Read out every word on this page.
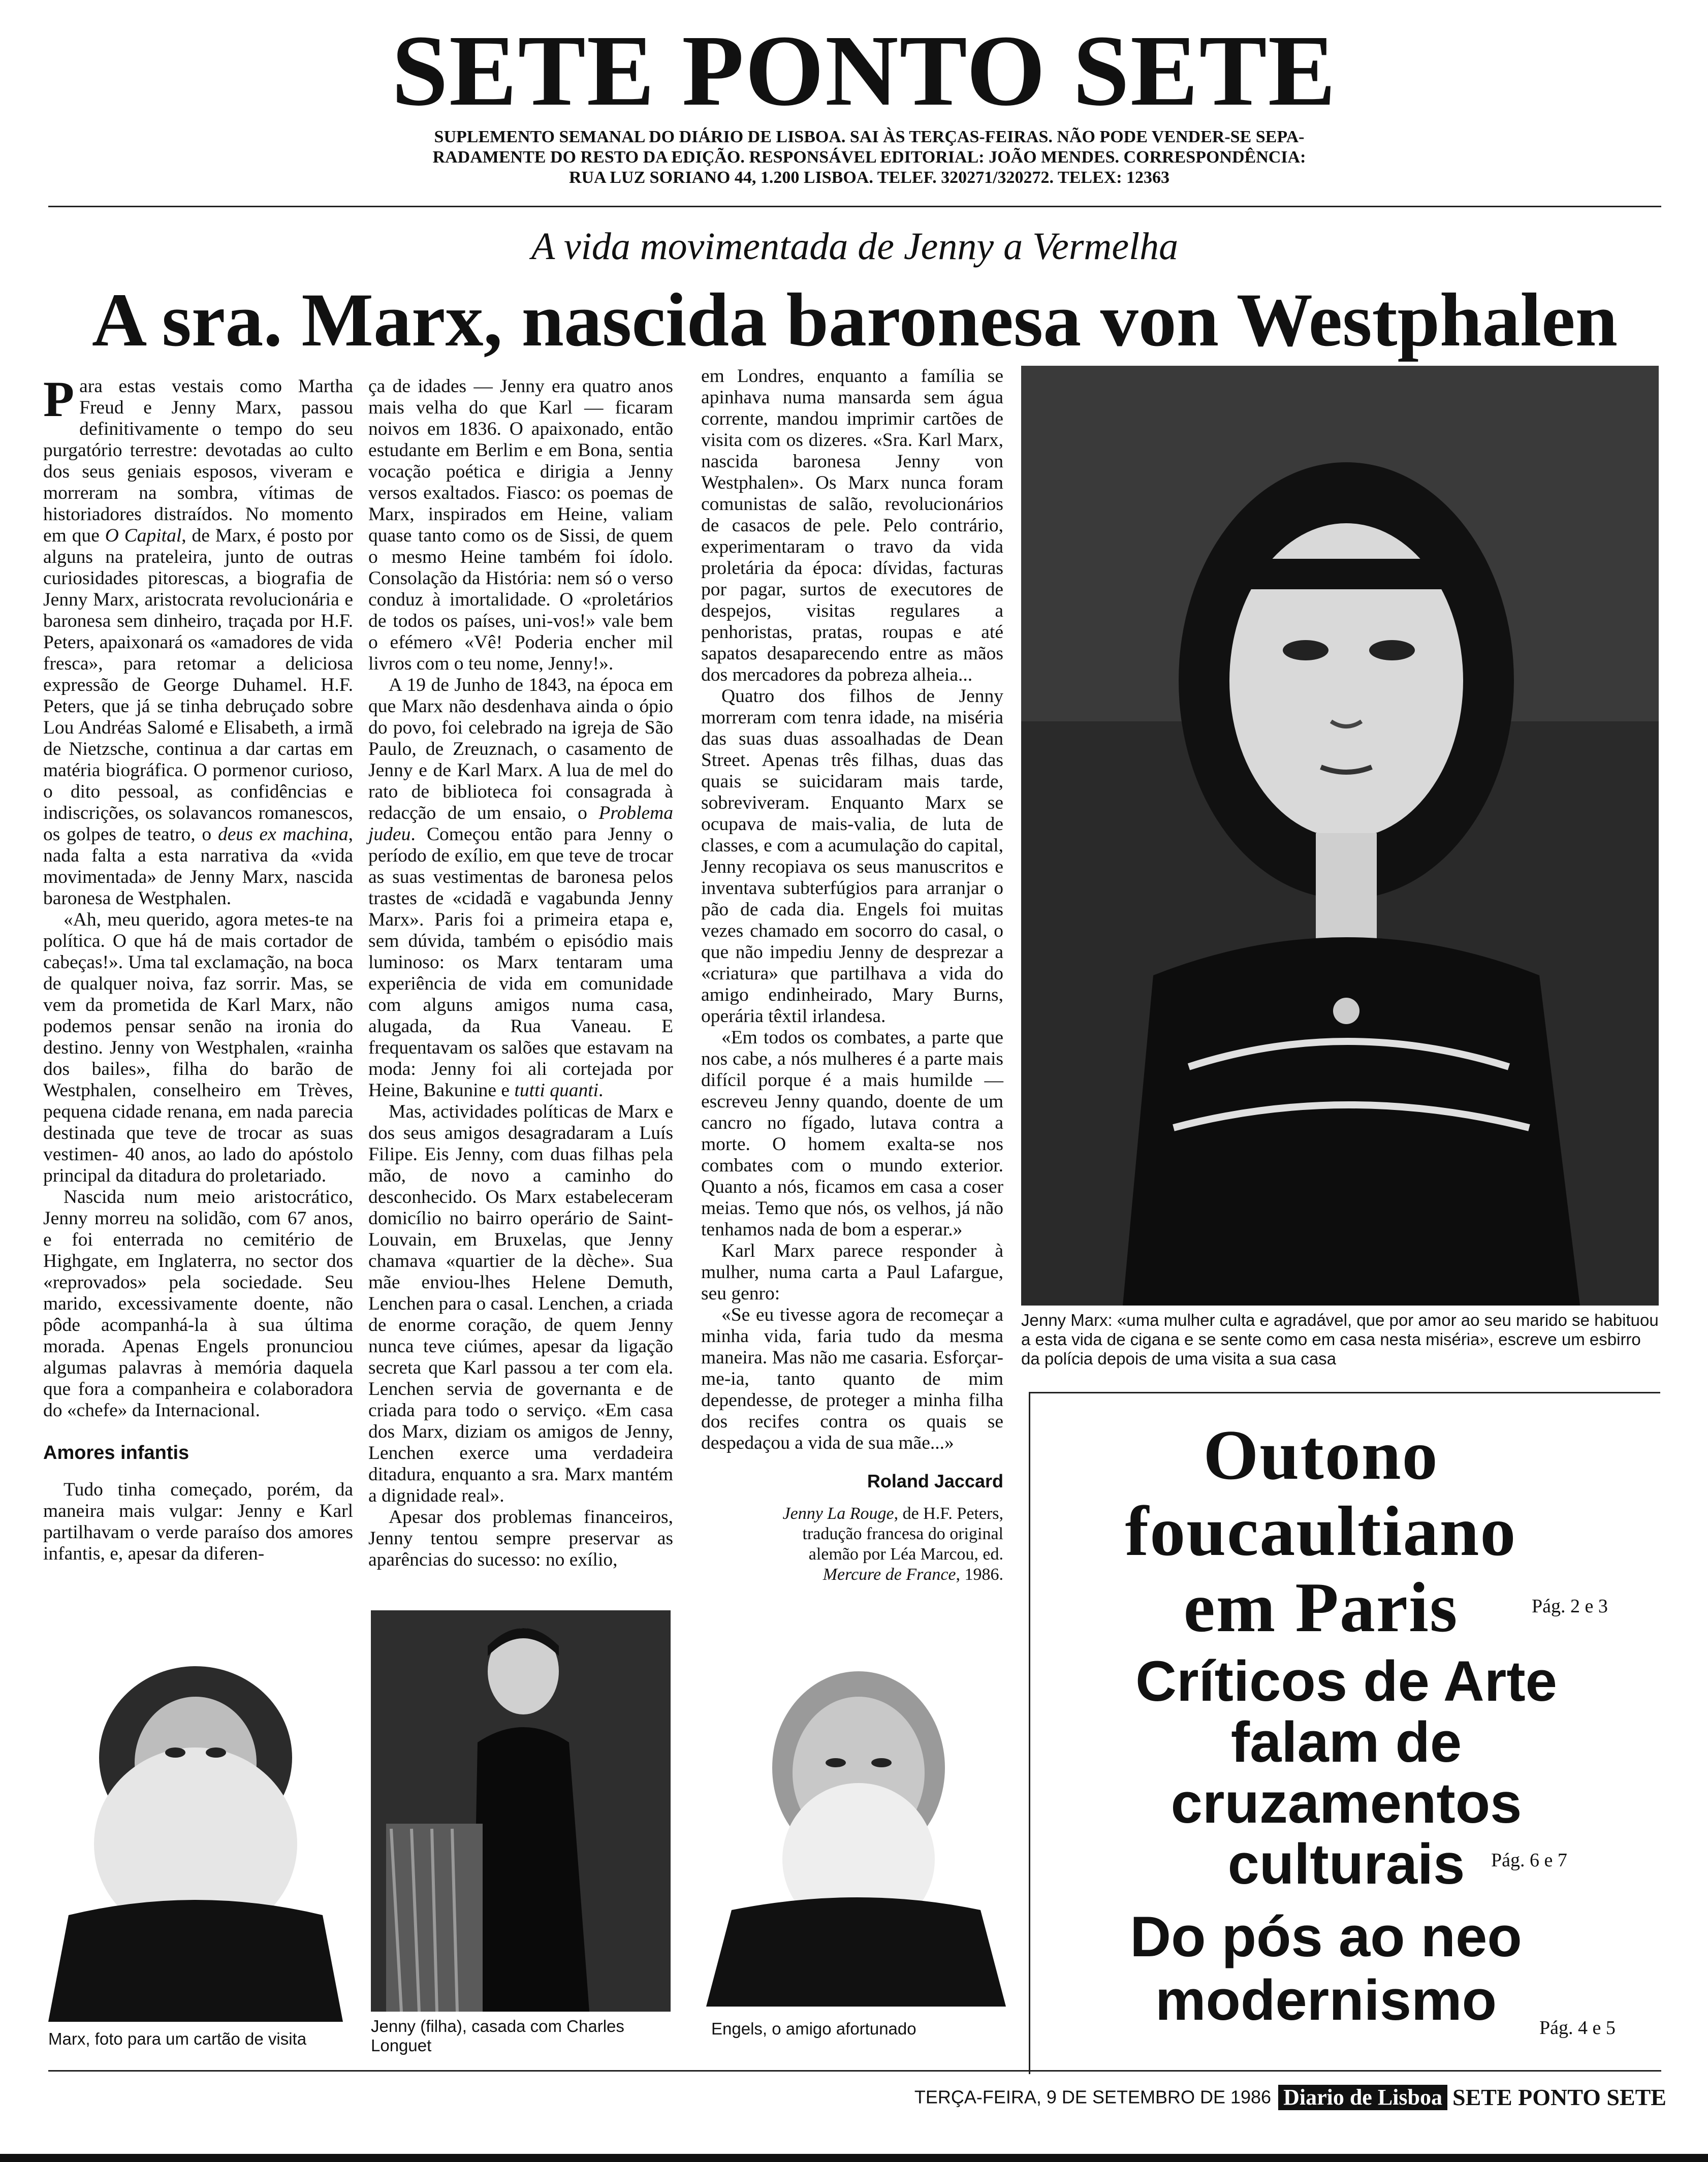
SETE PONTO SETE
SUPLEMENTO SEMANAL DO DIÁRIO DE LISBOA. SAI ÀS TERÇAS-FEIRAS. NÃO PODE VENDER-SE SEPA-
RADAMENTE DO RESTO DA EDIÇÃO. RESPONSÁVEL EDITORIAL: JOÃO MENDES. CORRESPONDÊNCIA:
RUA LUZ SORIANO 44, 1.200 LISBOA. TELEF. 320271/320272. TELEX: 12363
A vida movimentada de Jenny a Vermelha
A sra. Marx, nascida baronesa von Westphalen

Para estas vestais como Martha Freud e Jenny Marx, passou definitivamente o tempo do seu purgatório terrestre: devotadas ao culto dos seus geniais esposos, viveram e morreram na sombra, vítimas de historiadores distraídos. No momento em que O Capital, de Marx, é posto por alguns na prateleira, junto de outras curiosidades pitorescas, a biografia de Jenny Marx, aristocrata revolucionária e baronesa sem dinheiro, traçada por H.F. Peters, apaixonará os «amadores de vida fresca», para retomar a deliciosa expressão de George Duhamel. H.F. Peters, que já se tinha debruçado sobre Lou Andréas Salomé e Elisabeth, a irmã de Nietzsche, continua a dar cartas em matéria biográfica. O pormenor curioso, o dito pessoal, as confidências e indiscrições, os solavancos romanescos, os golpes de teatro, o deus ex machina, nada falta a esta narrativa da «vida movimentada» de Jenny Marx, nascida baronesa de Westphalen.

«Ah, meu querido, agora metes-te na política. O que há de mais cortador de cabeças!». Uma tal exclamação, na boca de qualquer noiva, faz sorrir. Mas, se vem da prometida de Karl Marx, não podemos pensar senão na ironia do destino. Jenny von Westphalen, «rainha dos bailes», filha do barão de Westphalen, conselheiro em Trèves, pequena cidade renana, em nada parecia destinada que teve de trocar as suas vestimen- 40 anos, ao lado do apóstolo principal da ditadura do proletariado.

Nascida num meio aristocrático, Jenny morreu na solidão, com 67 anos, e foi enterrada no cemitério de Highgate, em Inglaterra, no sector dos «reprovados» pela sociedade. Seu marido, excessivamente doente, não pôde acompanhá-la à sua última morada. Apenas Engels pronunciou algumas palavras à memória daquela que fora a companheira e colaboradora do «chefe» da Internacional.

Amores infantis

Tudo tinha começado, porém, da maneira mais vulgar: Jenny e Karl partilhavam o verde paraíso dos amores infantis, e, apesar da diferen-

ça de idades — Jenny era quatro anos mais velha do que Karl — ficaram noivos em 1836. O apaixonado, então estudante em Berlim e em Bona, sentia vocação poética e dirigia a Jenny versos exaltados. Fiasco: os poemas de Marx, inspirados em Heine, valiam quase tanto como os de Sissi, de quem o mesmo Heine também foi ídolo. Consolação da História: nem só o verso conduz à imortalidade. O «proletários de todos os países, uni-vos!» vale bem o efémero «Vê! Poderia encher mil livros com o teu nome, Jenny!».

A 19 de Junho de 1843, na época em que Marx não desdenhava ainda o ópio do povo, foi celebrado na igreja de São Paulo, de Zreuznach, o casamento de Jenny e de Karl Marx. A lua de mel do rato de biblioteca foi consagrada à redacção de um ensaio, o Problema judeu. Começou então para Jenny o período de exílio, em que teve de trocar as suas vestimentas de baronesa pelos trastes de «cidadã e vagabunda Jenny Marx». Paris foi a primeira etapa e, sem dúvida, também o episódio mais luminoso: os Marx tentaram uma experiência de vida em comunidade com alguns amigos numa casa, alugada, da Rua Vaneau. E frequentavam os salões que estavam na moda: Jenny foi ali cortejada por Heine, Bakunine e tutti quanti.

Mas, actividades políticas de Marx e dos seus amigos desagradaram a Luís Filipe. Eis Jenny, com duas filhas pela mão, de novo a caminho do desconhecido. Os Marx estabeleceram domicílio no bairro operário de Saint-Louvain, em Bruxelas, que Jenny chamava «quartier de la dèche». Sua mãe enviou-lhes Helene Demuth, Lenchen para o casal. Lenchen, a criada de enorme coração, de quem Jenny nunca teve ciúmes, apesar da ligação secreta que Karl passou a ter com ela. Lenchen servia de governanta e de criada para todo o serviço. «Em casa dos Marx, diziam os amigos de Jenny, Lenchen exerce uma verdadeira ditadura, enquanto a sra. Marx mantém a dignidade real».

Apesar dos problemas financeiros, Jenny tentou sempre preservar as aparências do sucesso: no exílio,

em Londres, enquanto a família se apinhava numa mansarda sem água corrente, mandou imprimir cartões de visita com os dizeres. «Sra. Karl Marx, nascida baronesa Jenny von Westphalen». Os Marx nunca foram comunistas de salão, revolucionários de casacos de pele. Pelo contrário, experimentaram o travo da vida proletária da época: dívidas, facturas por pagar, surtos de executores de despejos, visitas regulares a penhoristas, pratas, roupas e até sapatos desaparecendo entre as mãos dos mercadores da pobreza alheia...

Quatro dos filhos de Jenny morreram com tenra idade, na miséria das suas duas assoalhadas de Dean Street. Apenas três filhas, duas das quais se suicidaram mais tarde, sobreviveram. Enquanto Marx se ocupava de mais-valia, de luta de classes, e com a acumulação do capital, Jenny recopiava os seus manuscritos e inventava subterfúgios para arranjar o pão de cada dia. Engels foi muitas vezes chamado em socorro do casal, o que não impediu Jenny de desprezar a «criatura» que partilhava a vida do amigo endinheirado, Mary Burns, operária têxtil irlandesa.

«Em todos os combates, a parte que nos cabe, a nós mulheres é a parte mais difícil porque é a mais humilde — escreveu Jenny quando, doente de um cancro no fígado, lutava contra a morte. O homem exalta-se nos combates com o mundo exterior. Quanto a nós, ficamos em casa a coser meias. Temo que nós, os velhos, já não tenhamos nada de bom a esperar.»

Karl Marx parece responder à mulher, numa carta a Paul Lafargue, seu genro:

«Se eu tivesse agora de recomeçar a minha vida, faria tudo da mesma maneira. Mas não me casaria. Esforçar-me-ia, tanto quanto de mim dependesse, de proteger a minha filha dos recifes contra os quais se despedaçou a vida de sua mãe...»

Roland Jaccard
Jenny La Rouge, de H.F. Peters, tradução francesa do original alemão por Léa Marcou, ed. Mercure de France, 1986.
Jenny Marx: «uma mulher culta e agradável, que por amor ao seu marido se habituou a esta vida de cigana e se sente como em casa nesta miséria», escreve um esbirro da polícia depois de uma visita a sua casa
Outono foucaultiano em Paris	Pág. 2 e 3
Críticos de Arte falam de cruzamentos culturais	Pág. 6 e 7
Do pós ao neo modernismo	Pág. 4 e 5
Marx, foto para um cartão de visita
Jenny (filha), casada com Charles Longuet
Engels, o amigo afortunado
TERÇA-FEIRA, 9 DE SETEMBRO DE 1986 Diario de Lisboa SETE PONTO SETE
